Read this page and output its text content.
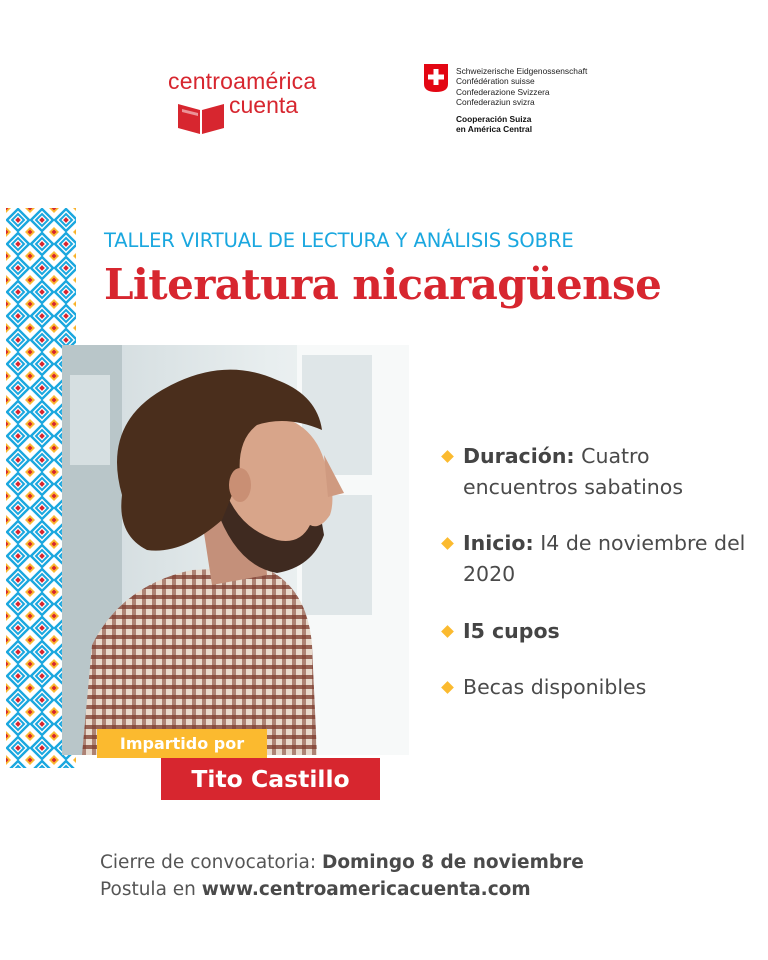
centroamérica
cuenta
Schweizerische Eidgenossenschaft
Confédération suisse
Confederazione Svizzera
Confederaziun svizra
Cooperación Suiza
en América Central
TALLER VIRTUAL DE LECTURA Y ANÁLISIS SOBRE
Literatura nicaragüense
Impartido por
Tito Castillo
Duración: Cuatro encuentros sabatinos
Inicio: I4 de noviembre del 2020
I5 cupos
Becas disponibles
Cierre de convocatoria: Domingo 8 de noviembre
Postula en www.centroamericacuenta.com
